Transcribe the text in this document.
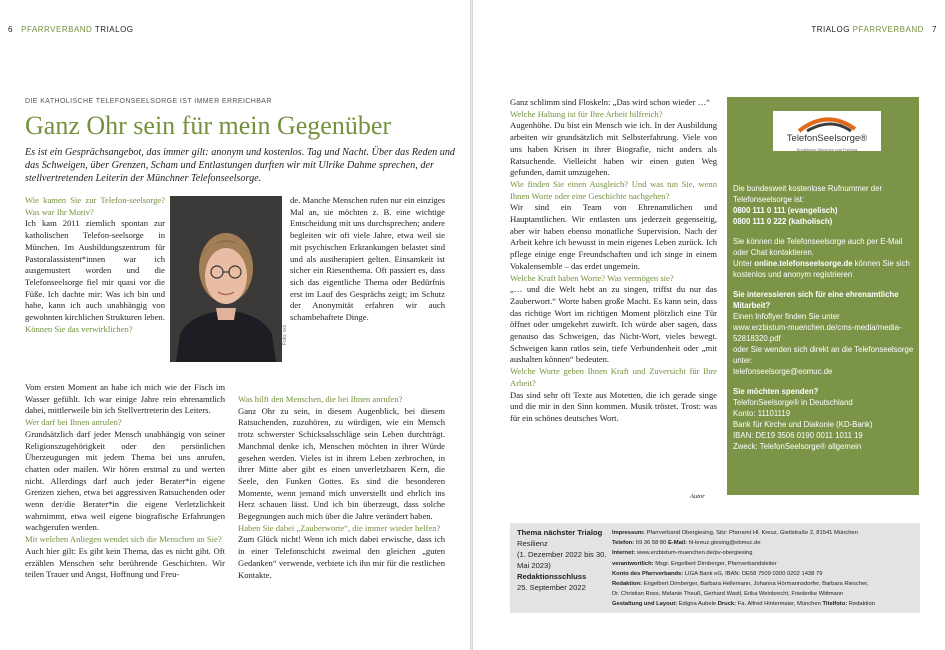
6 PFARRVERBAND TRIALOG
DIE KATHOLISCHE TELEFONSEELSORGE IST IMMER ERREICHBAR
Ganz Ohr sein für mein Gegenüber
Es ist ein Gesprächsangebot, das immer gilt: anonym und kostenlos. Tag und Nacht. Über das Reden und das Schweigen, über Grenzen, Scham und Entlastungen durften wir mit Ulrike Dahme sprechen, der stellvertretenden Leiterin der Münchner Telefonseelsorge.

Wie kamen Sie zur Telefon-seelsorge? Was war Ihr Motiv?

Ich kam 2011 ziemlich spontan zur katholischen Telefon-seelsorge in München. Im Ausbildungszentrum für Pastoralassistent*innen war ich ausgemustert worden und die Telefonseelsorge fiel mir quasi vor die Füße. Ich dachte mir: Was ich bin und habe, kann ich auch unabhängig von gewohnten kirchlichen Strukturen leben.

Können Sie das verwirklichen?	Foto: xxx

Vom ersten Moment an habe ich mich wie der Fisch im Wasser gefühlt. Ich war einige Jahre rein ehrenamtlich dabei, mittlerweile bin ich Stellvertreterin des Leiters.

Wer darf bei Ihnen anrufen?

Grundsätzlich darf jeder Mensch unabhängig von seiner Religionszugehörigkeit oder den persönlichen Überzeugungen mit jedem Thema bei uns anrufen, chatten oder mailen. Wir hören erstmal zu und werten nicht. Allerdings darf auch jeder Berater*in eigene Grenzen ziehen, etwa bei aggressiven Ratsuchenden oder wenn der/die Berater*in die eigene Verletzlichkeit wahrnimmt, etwa weil eigene biografische Erfahrungen wachgerufen werden.

Mit welchen Anliegen wendet sich die Menschen an Sie?

Auch hier gilt: Es gibt kein Thema, das es nicht gibt. Oft erzählen Menschen sehr berührende Geschichten. Wir teilen Trauer und Angst, Hoffnung und Freu-

de. Manche Menschen rufen nur ein einziges Mal an, sie möchten z. B. eine wichtige Entscheidung mit uns durchsprechen; andere begleiten wir oft viele Jahre, etwa weil sie mit psychischen Erkrankungen belastet sind und als austherapiert gelten. Einsamkeit ist sicher ein Riesenthema. Oft passiert es, dass sich das eigentliche Thema oder Bedürfnis erst im Lauf des Gesprächs zeigt; im Schutz der Anonymität erfahren wir auch schambehaftete Dinge.

Was hilft den Menschen, die bei Ihnen anrufen?

Ganz Ohr zu sein, in diesem Augenblick, bei diesem Ratsuchenden, zuzuhören, zu würdigen, wie ein Mensch trotz schwerster Schicksalsschläge sein Leben durchträgt. Manchmal denke ich, Menschen möchten in ihrer Würde gesehen werden. Vieles ist in ihrem Leben zerbrochen, in ihrer Mitte aber gibt es einen unverletzbaren Kern, die Seele, den Funken Gottes. Es sind die besonderen Momente, wenn jemand mich unverstellt und ehrlich ins Herz schauen lässt. Und ich bin überzeugt, dass solche Begegnungen auch mich über die Jahre verändert haben.

Haben Sie dabei „Zauberworte“, die immer wieder helfen?

Zum Glück nicht! Wenn ich mich dabei erwische, dass ich in einer Telefonschicht zweimal den gleichen „guten Gedanken“ verwende, verbiete ich ihn mir für die restlichen Kontakte.

TRIALOG PFARRVERBAND 7

Ganz schlimm sind Floskeln: „Das wird schon wieder …“

Welche Haltung ist für Ihre Arbeit hilfreich?

Augenhöhe. Du bist ein Mensch wie ich. In der Ausbildung arbeiten wir grundsätzlich mit Selbsterfahrung. Viele von uns haben Krisen in ihrer Biografie, nicht anders als Ratsuchende. Vielleicht haben wir einen guten Weg gefunden, damit umzugehen.

Wie finden Sie einen Ausgleich? Und was tun Sie, wenn Ihnen Worte oder eine Geschichte nachgehen?

Wir sind ein Team von Ehrenamtlichen und Hauptamtlichen. Wir entlasten uns jederzeit gegenseitig, aber wir haben ebenso monatliche Supervision. Nach der Arbeit kehre ich bewusst in mein eigenes Leben zurück. Ich pflege einige enge Freundschaften und ich singe in einem Vokalensemble – das erdet ungemein.

Welche Kraft haben Worte? Was vermögen sie?

„… und die Welt hebt an zu singen, triffst du nur das Zauberwort.“ Worte haben große Macht. Es kann sein, dass das richtige Wort im richtigen Moment plötzlich eine Tür öffnet oder umgekehrt zuwirft. Ich würde aber sagen, dass genauso das Schweigen, das Nicht-Wort, vieles bewegt. Schweigen kann ratlos sein, tiefe Verbundenheit oder „mit aushalten können“ bedeuten.

Welche Worte geben Ihnen Kraft und Zuversicht für Ihre Arbeit?

Das sind sehr oft Texte aus Motetten, die ich gerade singe und die mir in den Sinn kommen. Musik tröstet. Trost: was für ein schönes deutsches Wort.

Autor
TelefonSeelsorge®
Erzdiözese München und Freising

Die bundesweit kostenlose Rufnummer der Telefonseelsorge ist:
0800 111 0 111 (evangelisch)
0800 111 0 222 (katholisch)

Sie können die Telefonseelsorge auch per E-Mail oder Chat kontaktieren.
Unter online.telefonseelsorge.de können Sie sich kostenlos und anonym registrieren

Sie interessieren sich für eine ehrenamtliche Mitarbeit?
Einen Infoflyer finden Sie unter
www.erzbistum-muenchen.de/cms-media/media-52818320.pdf
oder Sie wenden sich direkt an die Telefonseelsorge unter:
telefonseelsorge@eomuc.de

Sie möchten spenden?
TelefonSeelsorge® in Deutschland
Konto: 11101119
Bank für Kirche und Diakonie (KD-Bank)
IBAN: DE19 3506 0190 0011 1011 19
Zweck: TelefonSeelsorge® allgemein

Thema nächster Trialog
Resilienz
(1. Dezember 2022 bis 30. Mai 2023)
Redaktionsschluss
25. September 2022
Impressum: Pfarrverband Obergiesing, Sitz: Pfarramt Hl. Kreuz, Gietlstraße 2, 81541 München
Telefon: 69 36 58 80 E-Mail: hl-kreuz.giesing@ebmuc.de
Internet: www.erzbistum-muenchen.de/pv-obergiesing
verantwortlich: Msgr. Engelbert Dirnberger, Pfarrverbandsleiter
Konto des Pfarrverbands: LIGA Bank eG, IBAN: DE58 7509 0300 0202 1438 79
Redaktion: Engelbert Dirnberger, Barbara Hellemann, Johanna Hörmannsdorfer, Barbara Riescher,
Dr. Christian Ross, Melanie Theuß, Gerhard Wastl, Erika Weinbrecht, Friederike Wittmann
Gestaltung und Layout: Edigna Aubele Druck: Fa. Alfred Hintermaier, München Titelfoto: Redaktion
